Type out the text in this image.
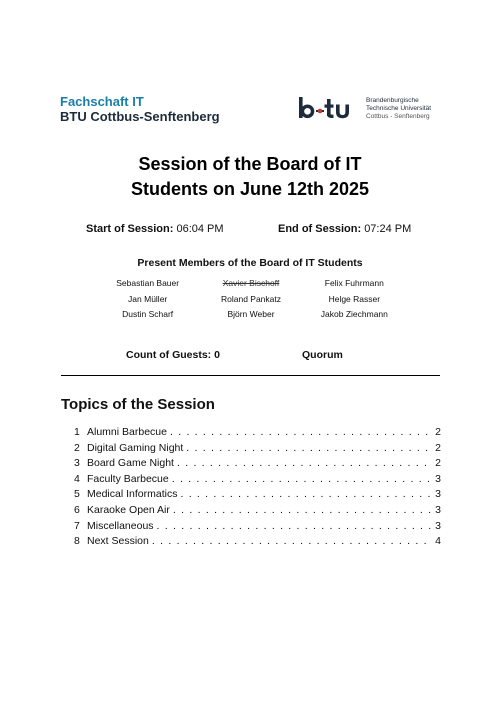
Fachschaft IT
BTU Cottbus-Senftenberg
Brandenburgische
Technische Universität
Cottbus - Senftenberg
Session of the Board of IT
Students on June 12th 2025
Start of Session: 06:04 PM	End of Session: 07:24 PM
Present Members of the Board of IT Students
Sebastian Bauer	Xavier Bischoff	Felix Fuhrmann
Jan Müller	Roland Pankatz	Helge Rasser
Dustin Scharf	Björn Weber	Jakob Ziechmann
Count of Guests: 0	Quorum
Topics of the Session
1 Alumni Barbecue . . .	2
2 Digital Gaming Night . . .	2
3 Board Game Night . . .	2
4 Faculty Barbecue . . .	3
5 Medical Informatics . . .	3
6 Karaoke Open Air . . .	3
7 Miscellaneous . . .	3
8 Next Session . . .	4
